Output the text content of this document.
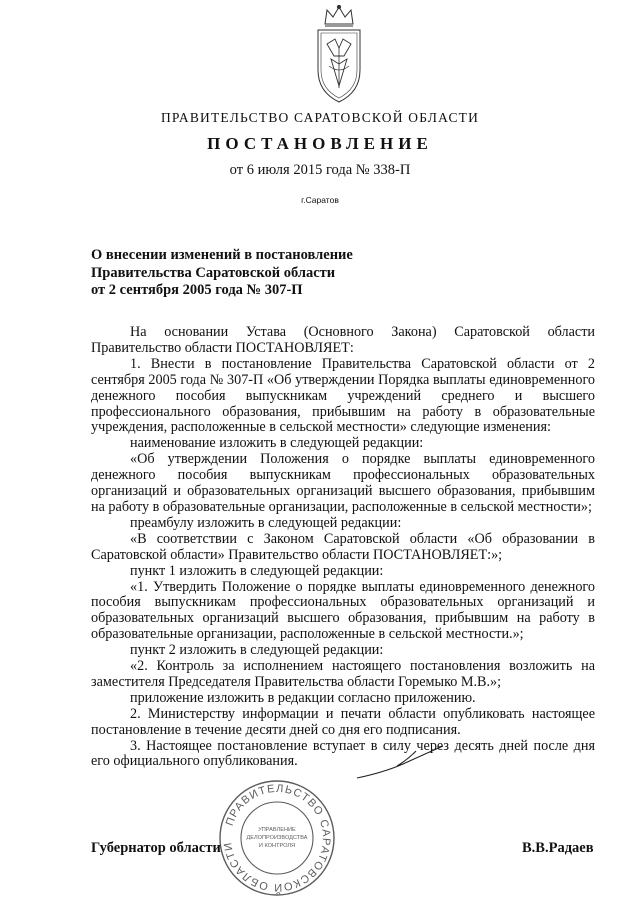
ПРАВИТЕЛЬСТВО САРАТОВСКОЙ ОБЛАСТИ
ПОСТАНОВЛЕНИЕ
от 6 июля 2015 года № 338-П
г.Саратов
О внесении изменений в постановление
Правительства Саратовской области
от 2 сентября 2005 года № 307-П

На основании Устава (Основного Закона) Саратовской области Правительство области ПОСТАНОВЛЯЕТ:

1. Внести в постановление Правительства Саратовской области от 2 сентября 2005 года № 307-П «Об утверждении Порядка выплаты единовременного денежного пособия выпускникам учреждений среднего и высшего профессионального образования, прибывшим на работу в образовательные учреждения, расположенные в сельской местности» следующие изменения:

наименование изложить в следующей редакции:

«Об утверждении Положения о порядке выплаты единовременного денежного пособия выпускникам профессиональных образовательных организаций и образовательных организаций высшего образования, прибывшим на работу в образовательные организации, расположенные в сельской местности»;

преамбулу изложить в следующей редакции:

«В соответствии с Законом Саратовской области «Об образовании в Саратовской области» Правительство области ПОСТАНОВЛЯЕТ:»;

пункт 1 изложить в следующей редакции:

«1. Утвердить Положение о порядке выплаты единовременного денежного пособия выпускникам профессиональных образовательных организаций и образовательных организаций высшего образования, прибывшим на работу в образовательные организации, расположенные в сельской местности.»;

пункт 2 изложить в следующей редакции:

«2. Контроль за исполнением настоящего постановления возложить на заместителя Председателя Правительства области Горемыко М.В.»;

приложение изложить в редакции согласно приложению.

2. Министерству информации и печати области опубликовать настоящее постановление в течение десяти дней со дня его подписания.

3. Настоящее постановление вступает в силу через десять дней после дня его официального опубликования.

ПРАВИТЕЛЬСТВО САРАТОВСКОЙ ОБЛАСТИ
УПРАВЛЕНИЕ
ДЕЛОПРОИЗВОДСТВА
И КОНТРОЛЯ
Губернатор области	В.В.Радаев
